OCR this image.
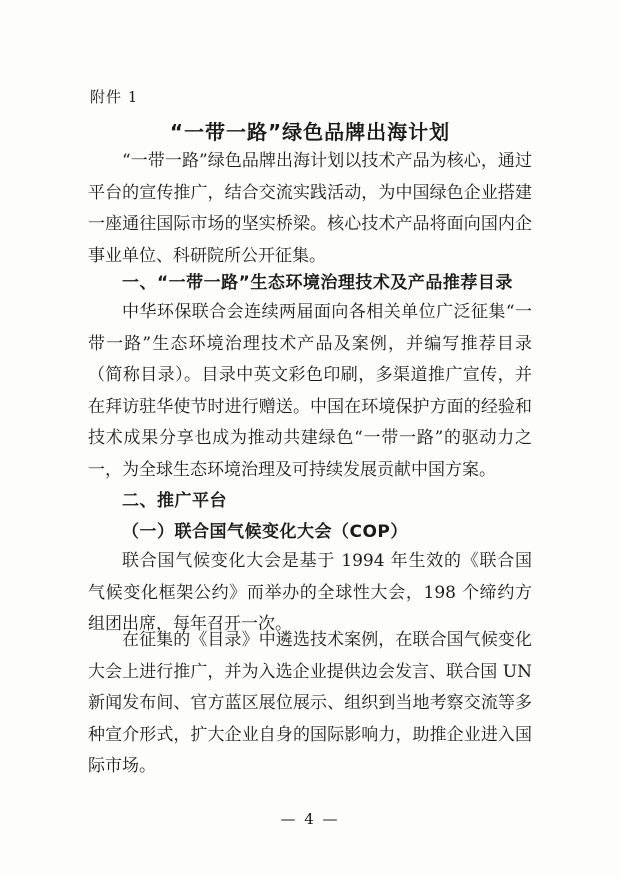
附件 1
“一带一路”绿色品牌出海计划
“一带一路”绿色品牌出海计划以技术产品为核心，通过平台的宣传推广，结合交流实践活动，为中国绿色企业搭建一座通往国际市场的坚实桥梁。核心技术产品将面向国内企事业单位、科研院所公开征集。
一、“一带一路”生态环境治理技术及产品推荐目录
中华环保联合会连续两届面向各相关单位广泛征集“一带一路”生态环境治理技术产品及案例，并编写推荐目录（简称目录）。目录中英文彩色印刷，多渠道推广宣传，并在拜访驻华使节时进行赠送。中国在环境保护方面的经验和技术成果分享也成为推动共建绿色“一带一路”的驱动力之一，为全球生态环境治理及可持续发展贡献中国方案。
二、推广平台
（一）联合国气候变化大会（COP）
联合国气候变化大会是基于 1994 年生效的《联合国气候变化框架公约》而举办的全球性大会，198 个缔约方组团出席，每年召开一次。
在征集的《目录》中遴选技术案例，在联合国气候变化大会上进行推广，并为入选企业提供边会发言、联合国 UN 新闻发布间、官方蓝区展位展示、组织到当地考察交流等多种宣介形式，扩大企业自身的国际影响力，助推企业进入国际市场。
— 4 —
